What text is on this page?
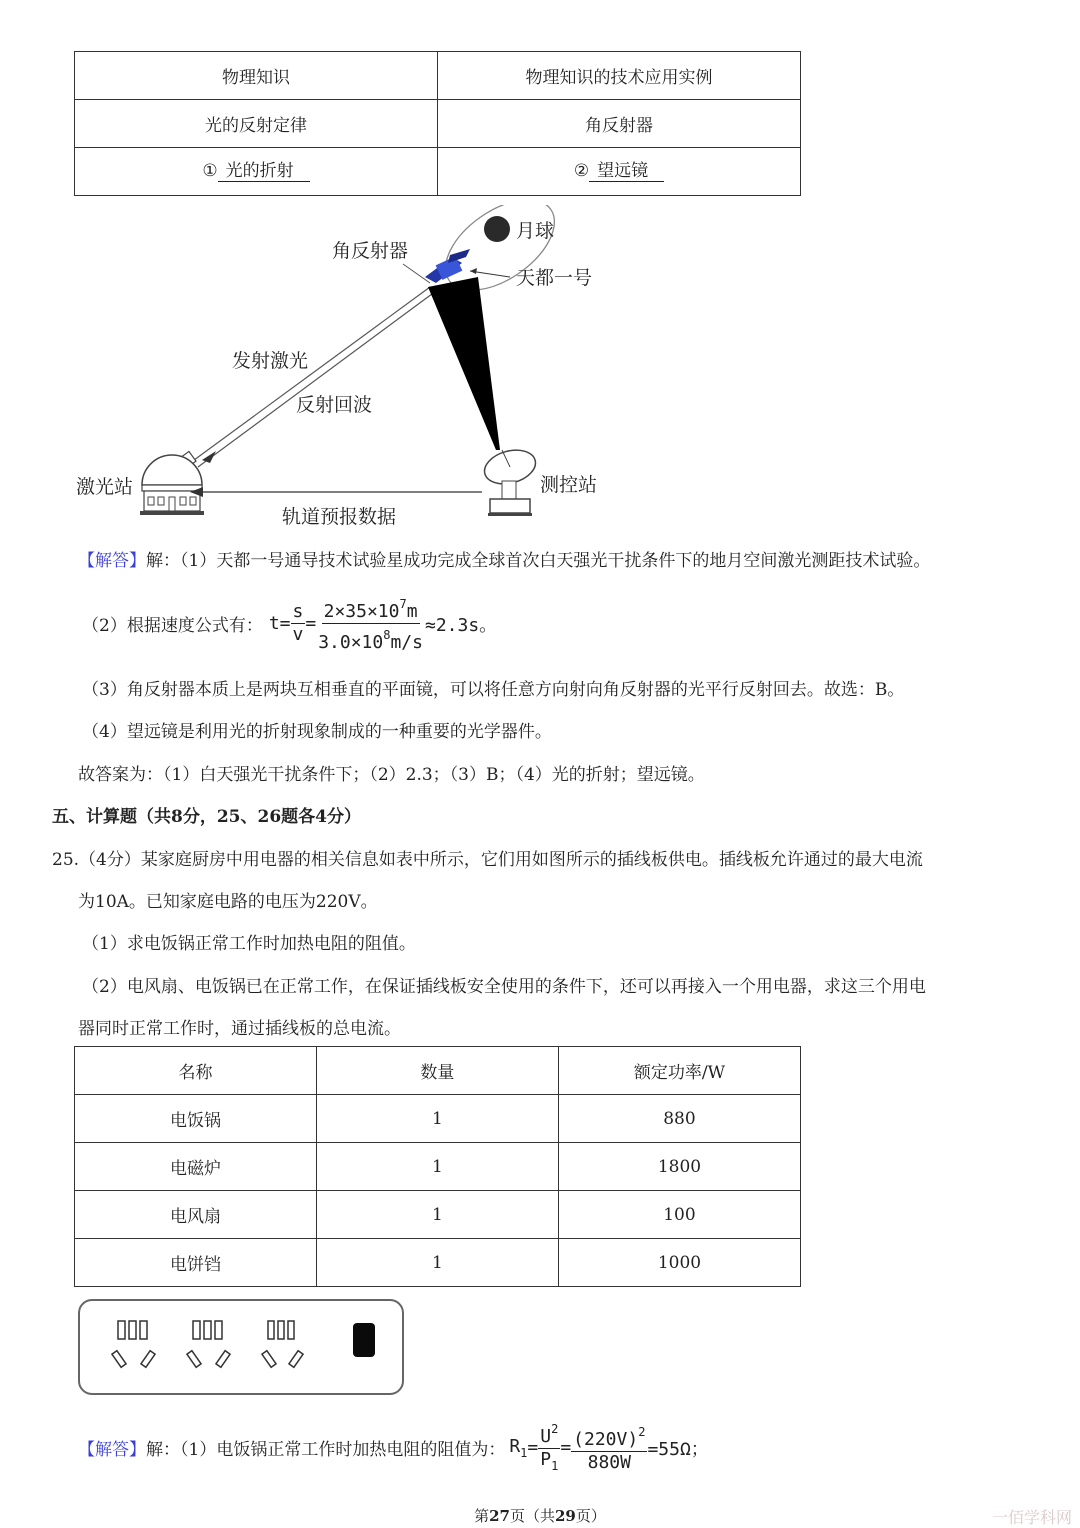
物理知识	物理知识的技术应用实例
光的反射定律	角反射器
① 光的折射	② 望远镜
月球
角反射器
天都一号
发射激光
反射回波
激光站	测控站
轨道预报数据
【解答】解：（1）天都一号通导技术试验星成功完成全球首次白天强光干扰条件下的地月空间激光测距技术试验。
（2）根据速度公式有： $t= \frac{s}{v} = \frac{2\times 35\times 10^7m}{3.0\times 10^8m/s} \approx 2.3s$。
（3）角反射器本质上是两块互相垂直的平面镜，可以将任意方向射向角反射器的光平行反射回去。故选：B。
（4）望远镜是利用光的折射现象制成的一种重要的光学器件。
故答案为：（1）白天强光干扰条件下；（2）2.3；（3）B；（4）光的折射；望远镜。
五、计算题（共8分，25、26题各4分）
25.（4分）某家庭厨房中用电器的相关信息如表中所示，它们用如图所示的插线板供电。插线板允许通过的最大电流
为10A。已知家庭电路的电压为220V。
（1）求电饭锅正常工作时加热电阻的阻值。
（2）电风扇、电饭锅已在正常工作，在保证插线板安全使用的条件下，还可以再接入一个用电器，求这三个用电
器同时正常工作时，通过插线板的总电流。
名称	数量	额定功率/W
电饭锅	1	880
电磁炉	1	1800
电风扇	1	100
电饼铛	1	1000
【解答】 解：（1）电饭锅正常工作时加热电阻的阻值为： $R_1 = \frac{U^2}{P_1} = \frac{(220V)^2}{880W} =55\Omega$；
第27页（共29页）	一佰学科网
